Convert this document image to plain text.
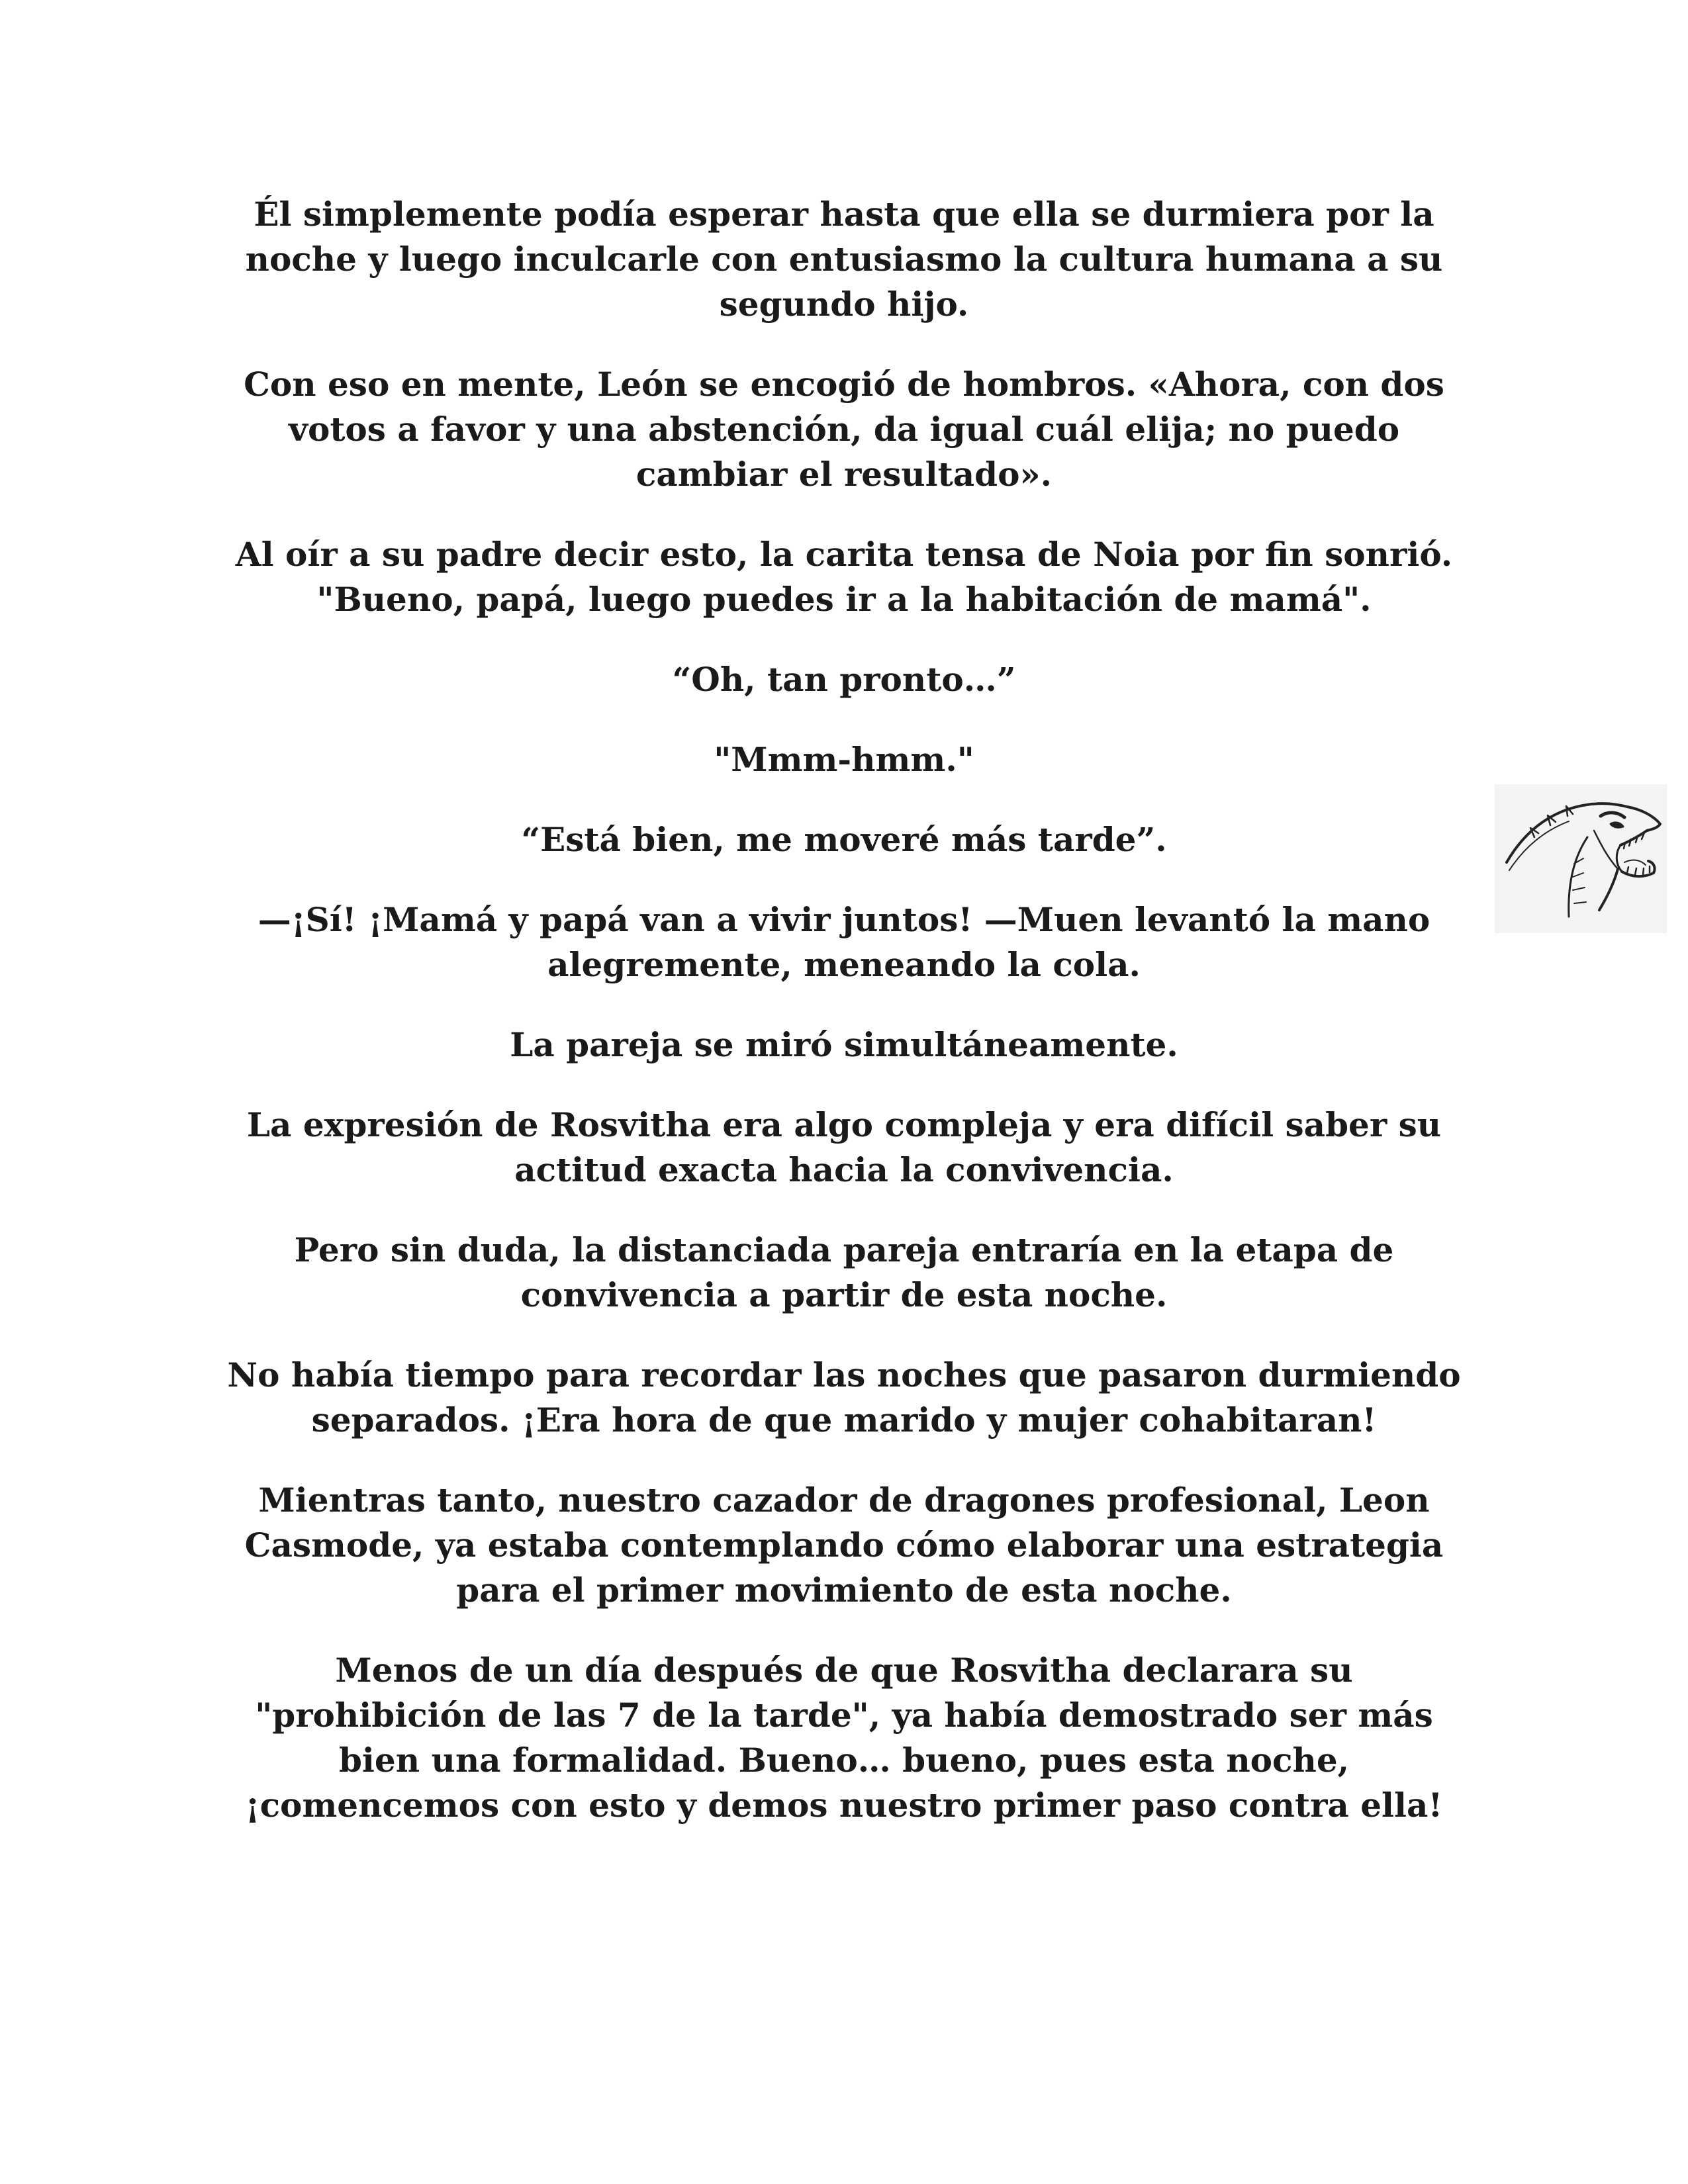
Él simplemente podía esperar hasta que ella se durmiera por la noche y luego inculcarle con entusiasmo la cultura humana a su segundo hijo.

Con eso en mente, León se encogió de hombros. «Ahora, con dos votos a favor y una abstención, da igual cuál elija; no puedo cambiar el resultado».

Al oír a su padre decir esto, la carita tensa de Noia por fin sonrió. "Bueno, papá, luego puedes ir a la habitación de mamá".

“Oh, tan pronto…”

"Mmm-hmm."

“Está bien, me moveré más tarde”.

—¡Sí! ¡Mamá y papá van a vivir juntos! —Muen levantó la mano alegremente, meneando la cola.

La pareja se miró simultáneamente.

La expresión de Rosvitha era algo compleja y era difícil saber su actitud exacta hacia la convivencia.

Pero sin duda, la distanciada pareja entraría en la etapa de convivencia a partir de esta noche.

No había tiempo para recordar las noches que pasaron durmiendo separados. ¡Era hora de que marido y mujer cohabitaran!

Mientras tanto, nuestro cazador de dragones profesional, Leon Casmode, ya estaba contemplando cómo elaborar una estrategia para el primer movimiento de esta noche.

Menos de un día después de que Rosvitha declarara su "prohibición de las 7 de la tarde", ya había demostrado ser más bien una formalidad. Bueno… bueno, pues esta noche, ¡comencemos con esto y demos nuestro primer paso contra ella!
